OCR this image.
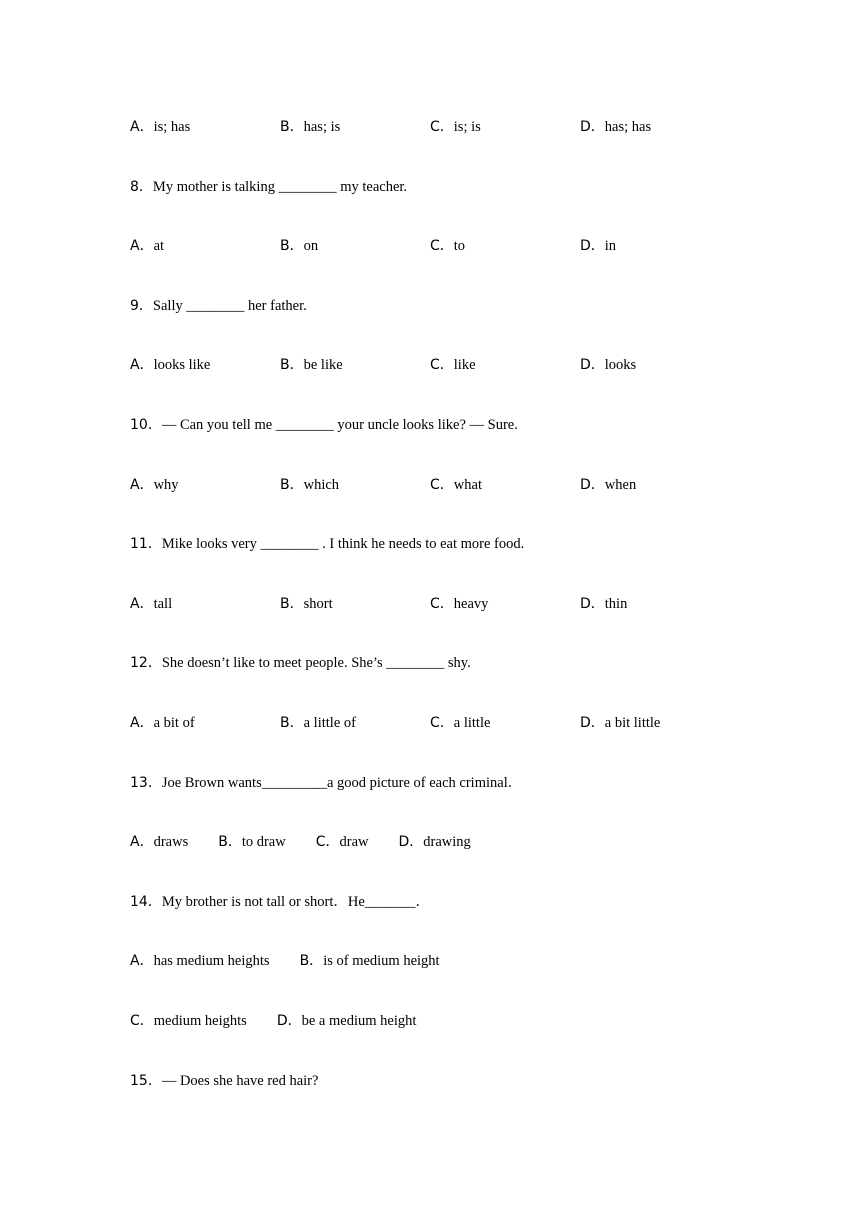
A．is; has	B．has; is	C．is; is	D．has; has
8．My mother is talking ________ my teacher.
A．at	B．on	C．to	D．in
9．Sally ________ her father.
A．looks like	B．be like	C．like	D．looks
10．— Can you tell me ________ your uncle looks like? — Sure.
A．why	B．which	C．what	D．when
11．Mike looks very ________ . I think he needs to eat more food.
A．tall	B．short	C．heavy	D．thin
12．She doesn’t like to meet people. She’s ________ shy.
A．a bit of	B．a little of	C．a little	D．a bit little
13．Joe Brown wants_________a good picture of each criminal．
A．draws B．to draw C．draw D．drawing
14．My brother is not tall or short．He_______．
A．has medium heights B．is of medium height
C．medium heights D．be a medium height
15．— Does she have red hair?
